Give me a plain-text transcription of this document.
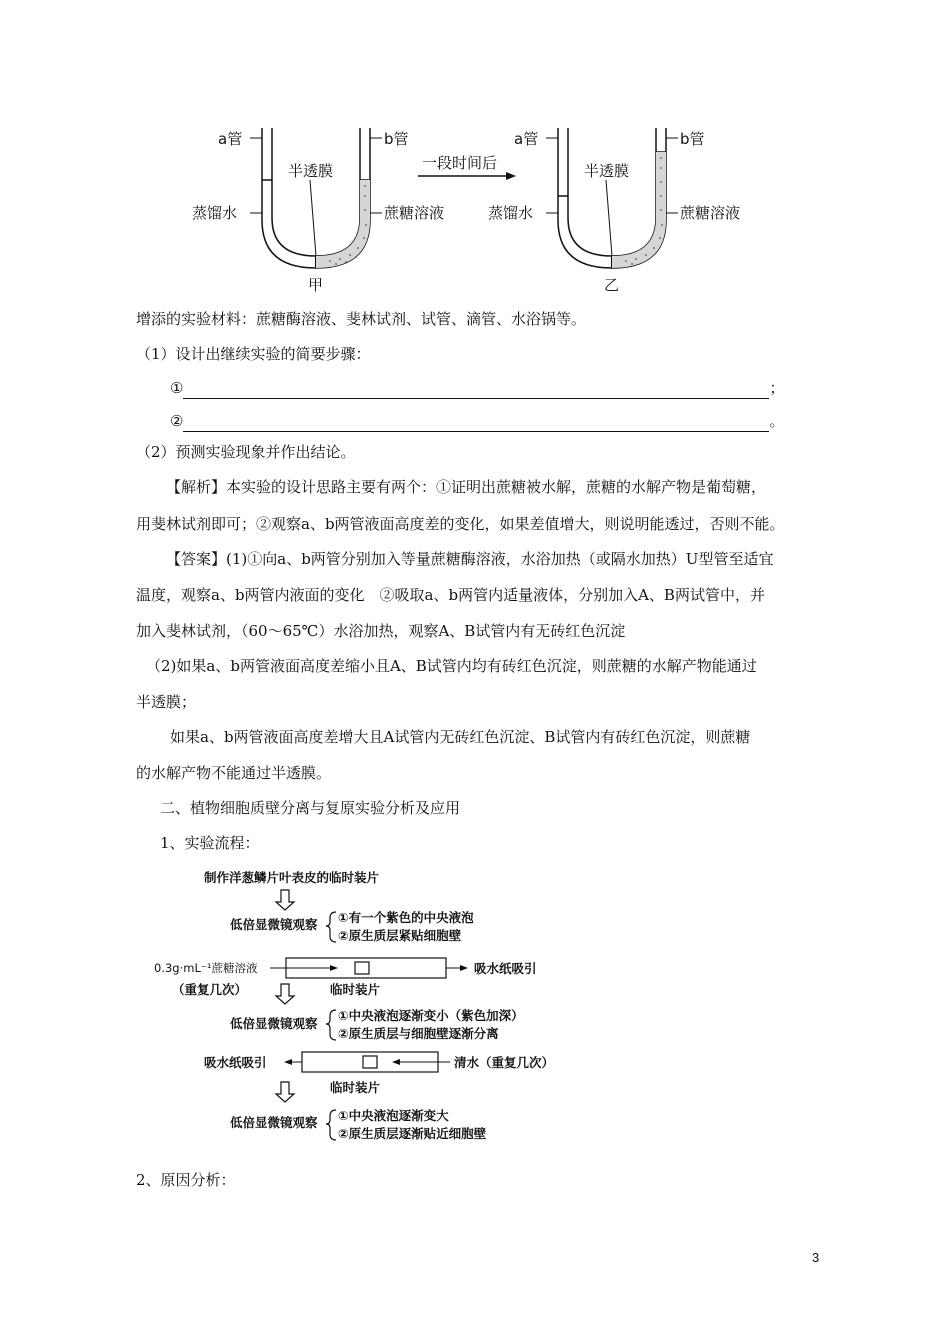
a管	b管
半透膜
蒸馏水	蔗糖溶液
甲
一段时间后
a管	b管
半透膜
蒸馏水	蔗糖溶液
乙
增添的实验材料：蔗糖酶溶液、斐林试剂、试管、滴管、水浴锅等。
（1）设计出继续实验的简要步骤：
①	；
②	。
（2）预测实验现象并作出结论。
【解析】本实验的设计思路主要有两个：①证明出蔗糖被水解，蔗糖的水解产物是葡萄糖，
用斐林试剂即可；②观察a、b两管液面高度差的变化，如果差值增大，则说明能透过，否则不能。
【答案】(1)①向a、b两管分别加入等量蔗糖酶溶液，水浴加热（或隔水加热）U型管至适宜
温度，观察a、b两管内液面的变化　②吸取a、b两管内适量液体，分别加入A、B两试管中，并
加入斐林试剂，（60～65℃）水浴加热，观察A、B试管内有无砖红色沉淀
（2)如果a、b两管液面高度差缩小且A、B试管内均有砖红色沉淀，则蔗糖的水解产物能通过
半透膜；
如果a、b两管液面高度差增大且A试管内无砖红色沉淀、B试管内有砖红色沉淀，则蔗糖
的水解产物不能通过半透膜。
二、植物细胞质壁分离与复原实验分析及应用
1、实验流程：
制作洋葱鳞片叶表皮的临时装片
低倍显微镜观察 ①有一个紫色的中央液泡
②原生质层紧贴细胞壁
0.3g·mL⁻¹蔗糖溶液	吸水纸吸引
（重复几次）	临时装片
低倍显微镜观察
①中央液泡逐渐变小（紫色加深）
②原生质层与细胞壁逐渐分离
吸水纸吸引	清水（重复几次）
临时装片
低倍显微镜观察 ①中央液泡逐渐变大
②原生质层逐渐贴近细胞壁
2、原因分析：
3
